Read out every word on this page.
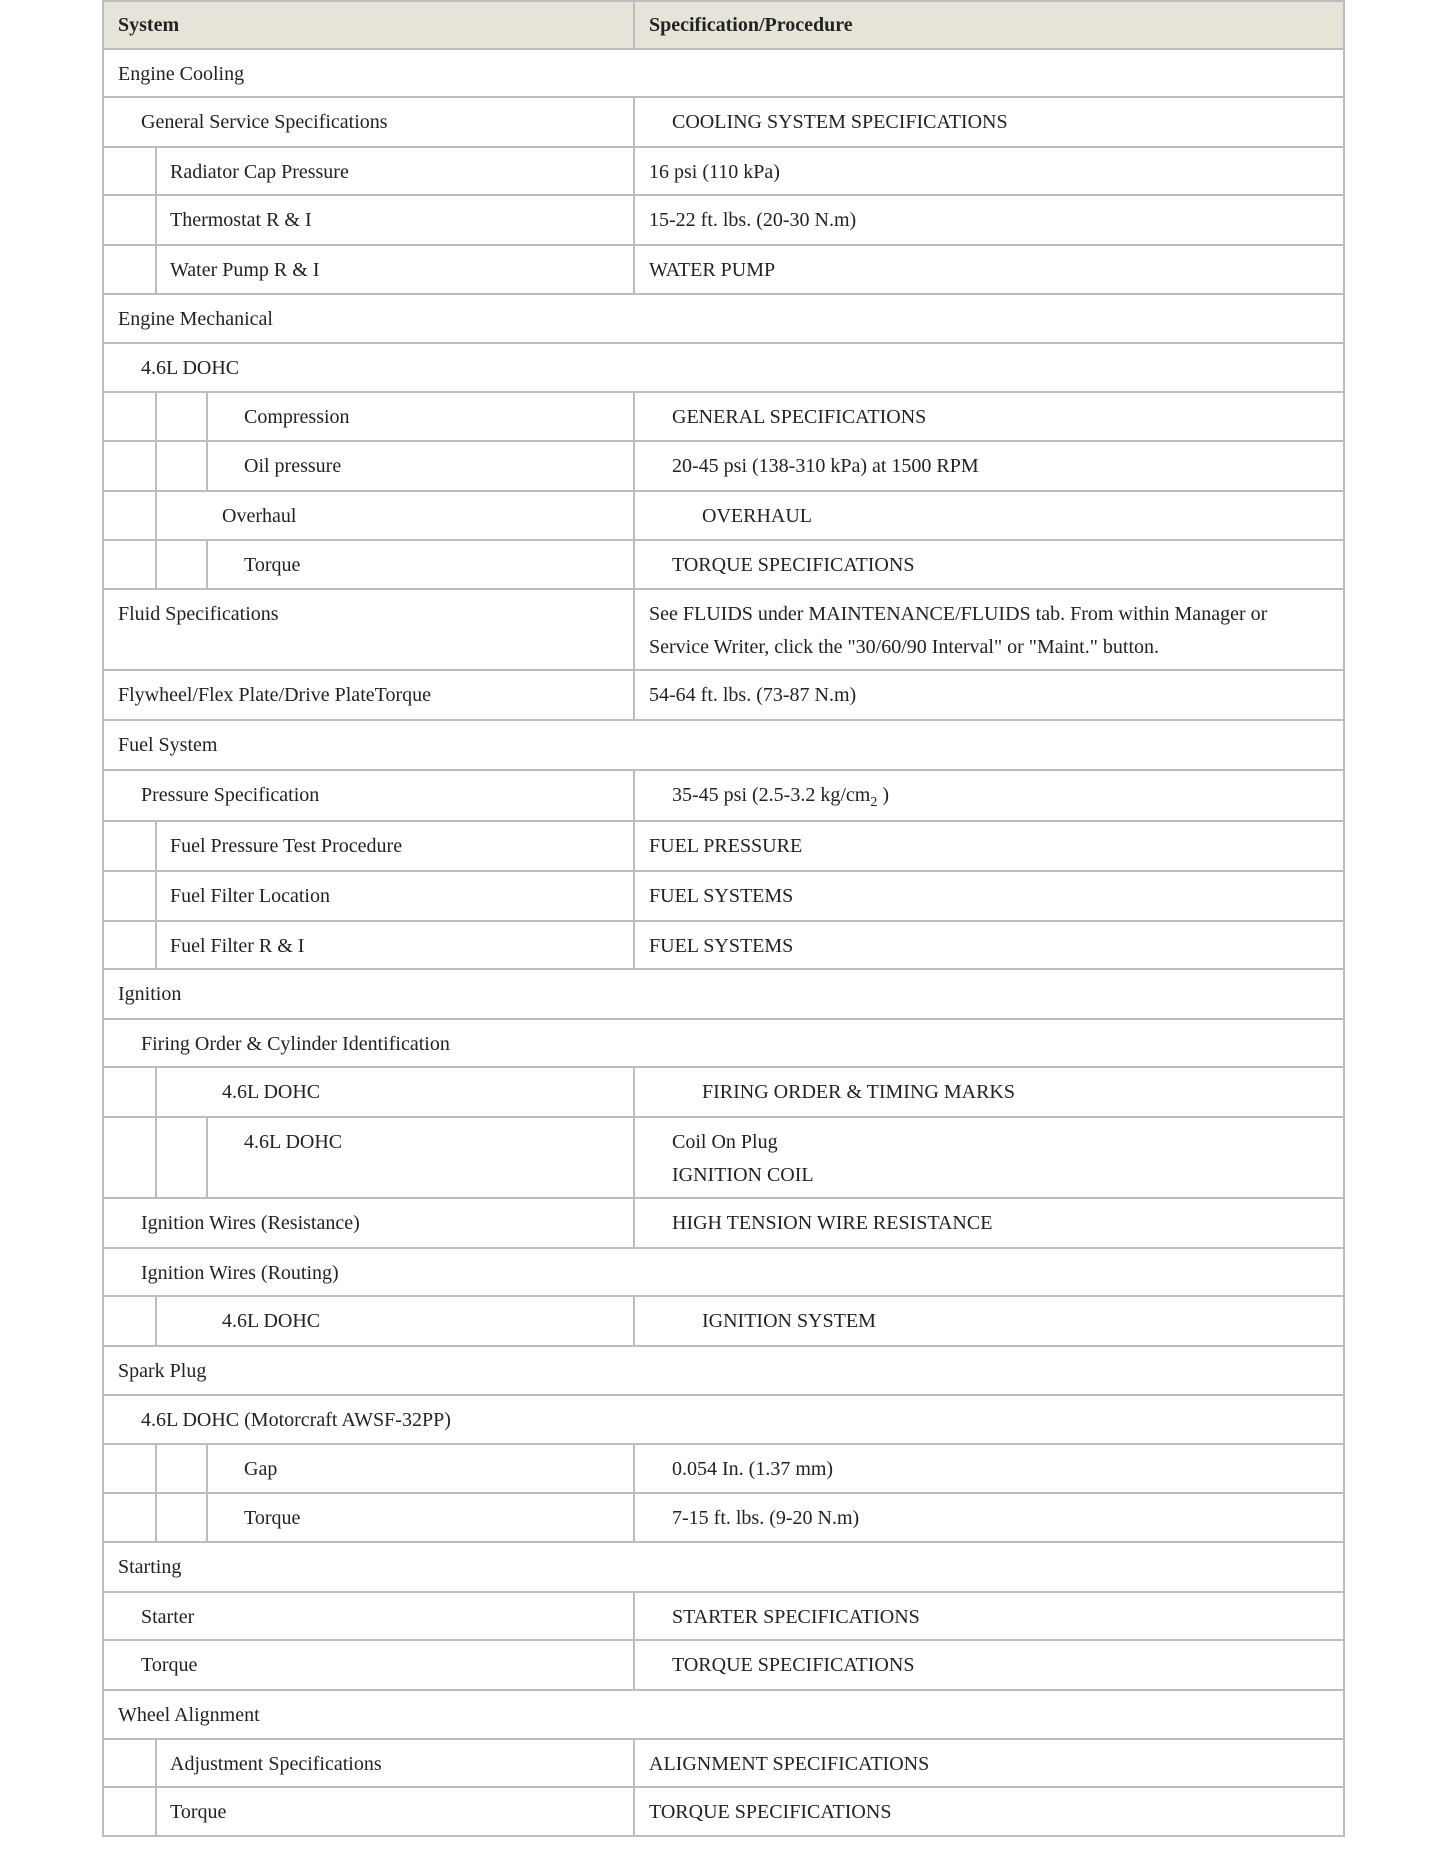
System	Specification/Procedure
Engine Cooling
General Service Specifications	COOLING SYSTEM SPECIFICATIONS
Radiator Cap Pressure	16 psi (110 kPa)
Thermostat R & I	15-22 ft. lbs. (20-30 N.m)
Water Pump R & I	WATER PUMP
Engine Mechanical
4.6L DOHC
Compression	GENERAL SPECIFICATIONS
Oil pressure	20-45 psi (138-310 kPa) at 1500 RPM
Overhaul	OVERHAUL
Torque	TORQUE SPECIFICATIONS
Fluid Specifications	See FLUIDS under MAINTENANCE/FLUIDS tab. From within Manager or Service Writer, click the "30/60/90 Interval" or "Maint." button.
Flywheel/Flex Plate/Drive PlateTorque	54-64 ft. lbs. (73-87 N.m)
Fuel System
Pressure Specification	35-45 psi (2.5-3.2 $kg/cm_2$ )
Fuel Pressure Test Procedure	FUEL PRESSURE
Fuel Filter Location	FUEL SYSTEMS
Fuel Filter R & I	FUEL SYSTEMS
Ignition
Firing Order & Cylinder Identification
4.6L DOHC	FIRING ORDER & TIMING MARKS
4.6L DOHC	Coil On Plug
IGNITION COIL
Ignition Wires (Resistance)	HIGH TENSION WIRE RESISTANCE
Ignition Wires (Routing)
4.6L DOHC	IGNITION SYSTEM
Spark Plug
4.6L DOHC (Motorcraft AWSF-32PP)
Gap	0.054 In. (1.37 mm)
Torque	7-15 ft. lbs. (9-20 N.m)
Starting
Starter	STARTER SPECIFICATIONS
Torque	TORQUE SPECIFICATIONS
Wheel Alignment
Adjustment Specifications	ALIGNMENT SPECIFICATIONS
Torque	TORQUE SPECIFICATIONS
